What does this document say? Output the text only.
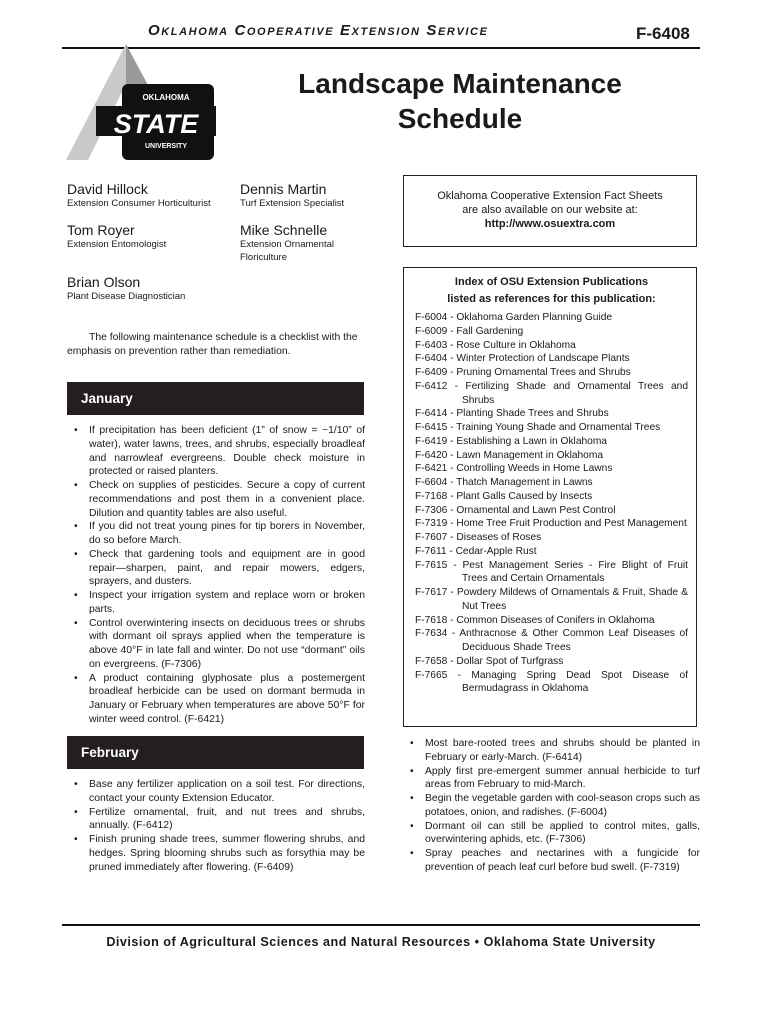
Oklahoma Cooperative Extension Service	F-6408
OKLAHOMA
STATE
UNIVERSITY
Landscape Maintenance
Schedule
David Hillock
Extension Consumer Horticulturist
Dennis Martin
Turf Extension Specialist
Tom Royer
Extension Entomologist
Mike Schnelle
Extension Ornamental Floriculture
Brian Olson
Plant Disease Diagnostician
The following maintenance schedule is a checklist with the emphasis on prevention rather than remediation.
January
• If precipitation has been deficient (1” of snow = ~1/10” of water), water lawns, trees, and shrubs, especially broadleaf and narrowleaf evergreens. Double check moisture in protected or raised planters.
• Check on supplies of pesticides. Secure a copy of current recommendations and post them in a convenient place. Dilution and quantity tables are also useful.
• If you did not treat young pines for tip borers in November, do so before March.
• Check that gardening tools and equipment are in good repair—sharpen, paint, and repair mowers, edgers, sprayers, and dusters.
• Inspect your irrigation system and replace worn or broken parts.
• Control overwintering insects on deciduous trees or shrubs with dormant oil sprays applied when the temperature is above 40°F in late fall and winter. Do not use “dormant” oils on evergreens. (F-7306)
• A product containing glyphosate plus a postemergent broadleaf herbicide can be used on dormant bermuda in January or February when temperatures are above 50°F for winter weed control. (F-6421)
February
• Base any fertilizer application on a soil test. For directions, contact your county Extension Educator.
• Fertilize ornamental, fruit, and nut trees and shrubs, annually. (F-6412)
• Finish pruning shade trees, summer flowering shrubs, and hedges. Spring blooming shrubs such as forsythia may be pruned immediately after flowering. (F-6409)
• Most bare-rooted trees and shrubs should be planted in February or early-March. (F-6414)
• Apply first pre-emergent summer annual herbicide to turf areas from February to mid-March.
• Begin the vegetable garden with cool-season crops such as potatoes, onion, and radishes. (F-6004)
• Dormant oil can still be applied to control mites, galls, overwintering aphids, etc. (F-7306)
• Spray peaches and nectarines with a fungicide for prevention of peach leaf curl before bud swell. (F-7319)
Oklahoma Cooperative Extension Fact Sheets
are also available on our website at:
http://www.osuextra.com
Index of OSU Extension Publications
listed as references for this publication:
F-6004 - Oklahoma Garden Planning Guide
F-6009 - Fall Gardening
F-6403 - Rose Culture in Oklahoma
F-6404 - Winter Protection of Landscape Plants
F-6409 - Pruning Ornamental Trees and Shrubs
F-6412 - Fertilizing Shade and Ornamental Trees and Shrubs
F-6414 - Planting Shade Trees and Shrubs
F-6415 - Training Young Shade and Ornamental Trees
F-6419 - Establishing a Lawn in Oklahoma
F-6420 - Lawn Management in Oklahoma
F-6421 - Controlling Weeds in Home Lawns
F-6604 - Thatch Management in Lawns
F-7168 - Plant Galls Caused by Insects
F-7306 - Ornamental and Lawn Pest Control
F-7319 - Home Tree Fruit Production and Pest Management
F-7607 - Diseases of Roses
F-7611 - Cedar-Apple Rust
F-7615 - Pest Management Series - Fire Blight of Fruit Trees and Certain Ornamentals
F-7617 - Powdery Mildews of Ornamentals & Fruit, Shade & Nut Trees
F-7618 - Common Diseases of Conifers in Oklahoma
F-7634 - Anthracnose & Other Common Leaf Diseases of Deciduous Shade Trees
F-7658 - Dollar Spot of Turfgrass
F-7665 - Managing Spring Dead Spot Disease of Bermudagrass in Oklahoma
Division of Agricultural Sciences and Natural Resources • Oklahoma State University
